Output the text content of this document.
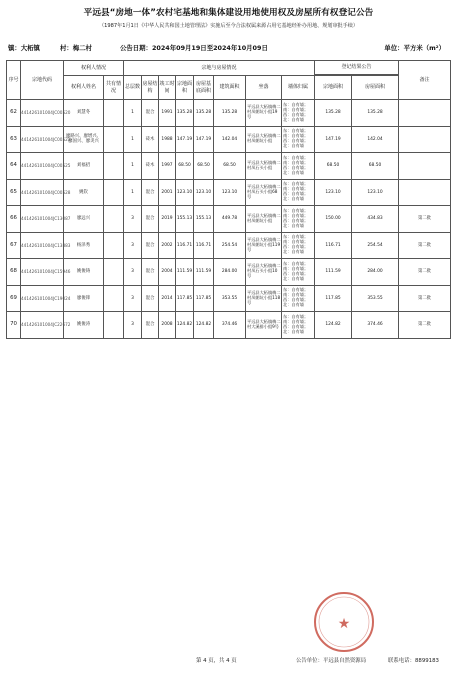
平远县“房地一体”农村宅基地和集体建设用地使用权及房屋所有权登记公告
（1987年1月1日《中华人民共和国土地管理法》实施后至今合法权属来源占用宅基地经补办用地、规划审批手续）
镇：大柘镇	村：梅二村	公告日期：2024年09月19日至2024年10月09日	单位：平方米（m²）
序号	宗地代码	权利人情况		宗地与房屋情况								登记结果公告		备注

		权利人姓名	共有情况	总层数	房屋结构	竣工时间	宗地面积	房屋基底面积	建筑面积	坐落	墙体归属	宗地面积	房屋面积	
62	441426101004JC00520	刘慧冬		1	混合	1991	135.28	135.28	135.28	平远县大柘镇梅二村凤朝坑小组19号	东：自有墙；南：自有墙；西：自有墙；北：自有墙	135.28	135.28	
63	441426101004JC00523	廖路兴、廖增兴、廖国兴、廖炎兴		1	砖木	1988	147.19	147.19	142.04	平远县大柘镇梅二村凤朝坑小组	东：自有墙；南：自有墙；西：自有墙；北：自有墙	147.19	142.04	
64	441426101004JC00525	刘福招		1	砖木	1997	68.50	68.50	68.50	平远县大柘镇梅二村凤石头小组	东：自有墙；南：自有墙；西：自有墙；北：自有墙	68.50	68.50	
65	441426101004JC00528	姚钦		1	混合	2001	123.10	123.10	123.10	平远县大柘镇梅二村凤石头小组68号	东：自有墙；南：自有墙；西：自有墙；北：自有墙	123.10	123.10	
66	441426101004JC13087	廖远兴		3	混合	2019	155.13	155.13	449.78	平远县大柘镇梅二村凤朝坑小组	东：自有墙；南：自有墙；西：自有墙；北：自有墙	150.00	434.83	第二批
67	441426101004JC13883	杨泽秀		3	混合	2002	116.71	116.71	254.54	平远县大柘镇梅二村凤朝坑小组119号	东：自有墙；南：自有墙；西：自有墙；北：自有墙	116.71	254.54	第二批
68	441426101004JC15946	姚俊铸		3	混合	2004	111.59	111.59	284.00	平远县大柘镇梅二村凤石头小组10号	东：自有墙；南：自有墙；西：自有墙；北：自有墙	111.59	284.00	第二批
69	441426101004JC19024	廖俊锋		3	混合	2014	117.85	117.85	353.55	平远县大柘镇梅二村凤朝坑小组118号	东：自有墙；南：自有墙；西：自有墙；北：自有墙	117.85	353.55	第二批
70	441426101004JC22672	姚俊涛		3	混合	2008	124.82	124.82	374.46	平远县大柘镇梅二村大溪排小组9号	东：自有墙；南：自有墙；西：自有墙；北：自有墙	124.82	374.46	第二批
★
第 4 页，共 4 页	公告单位：平远县自然资源局	联系电话：8899183
